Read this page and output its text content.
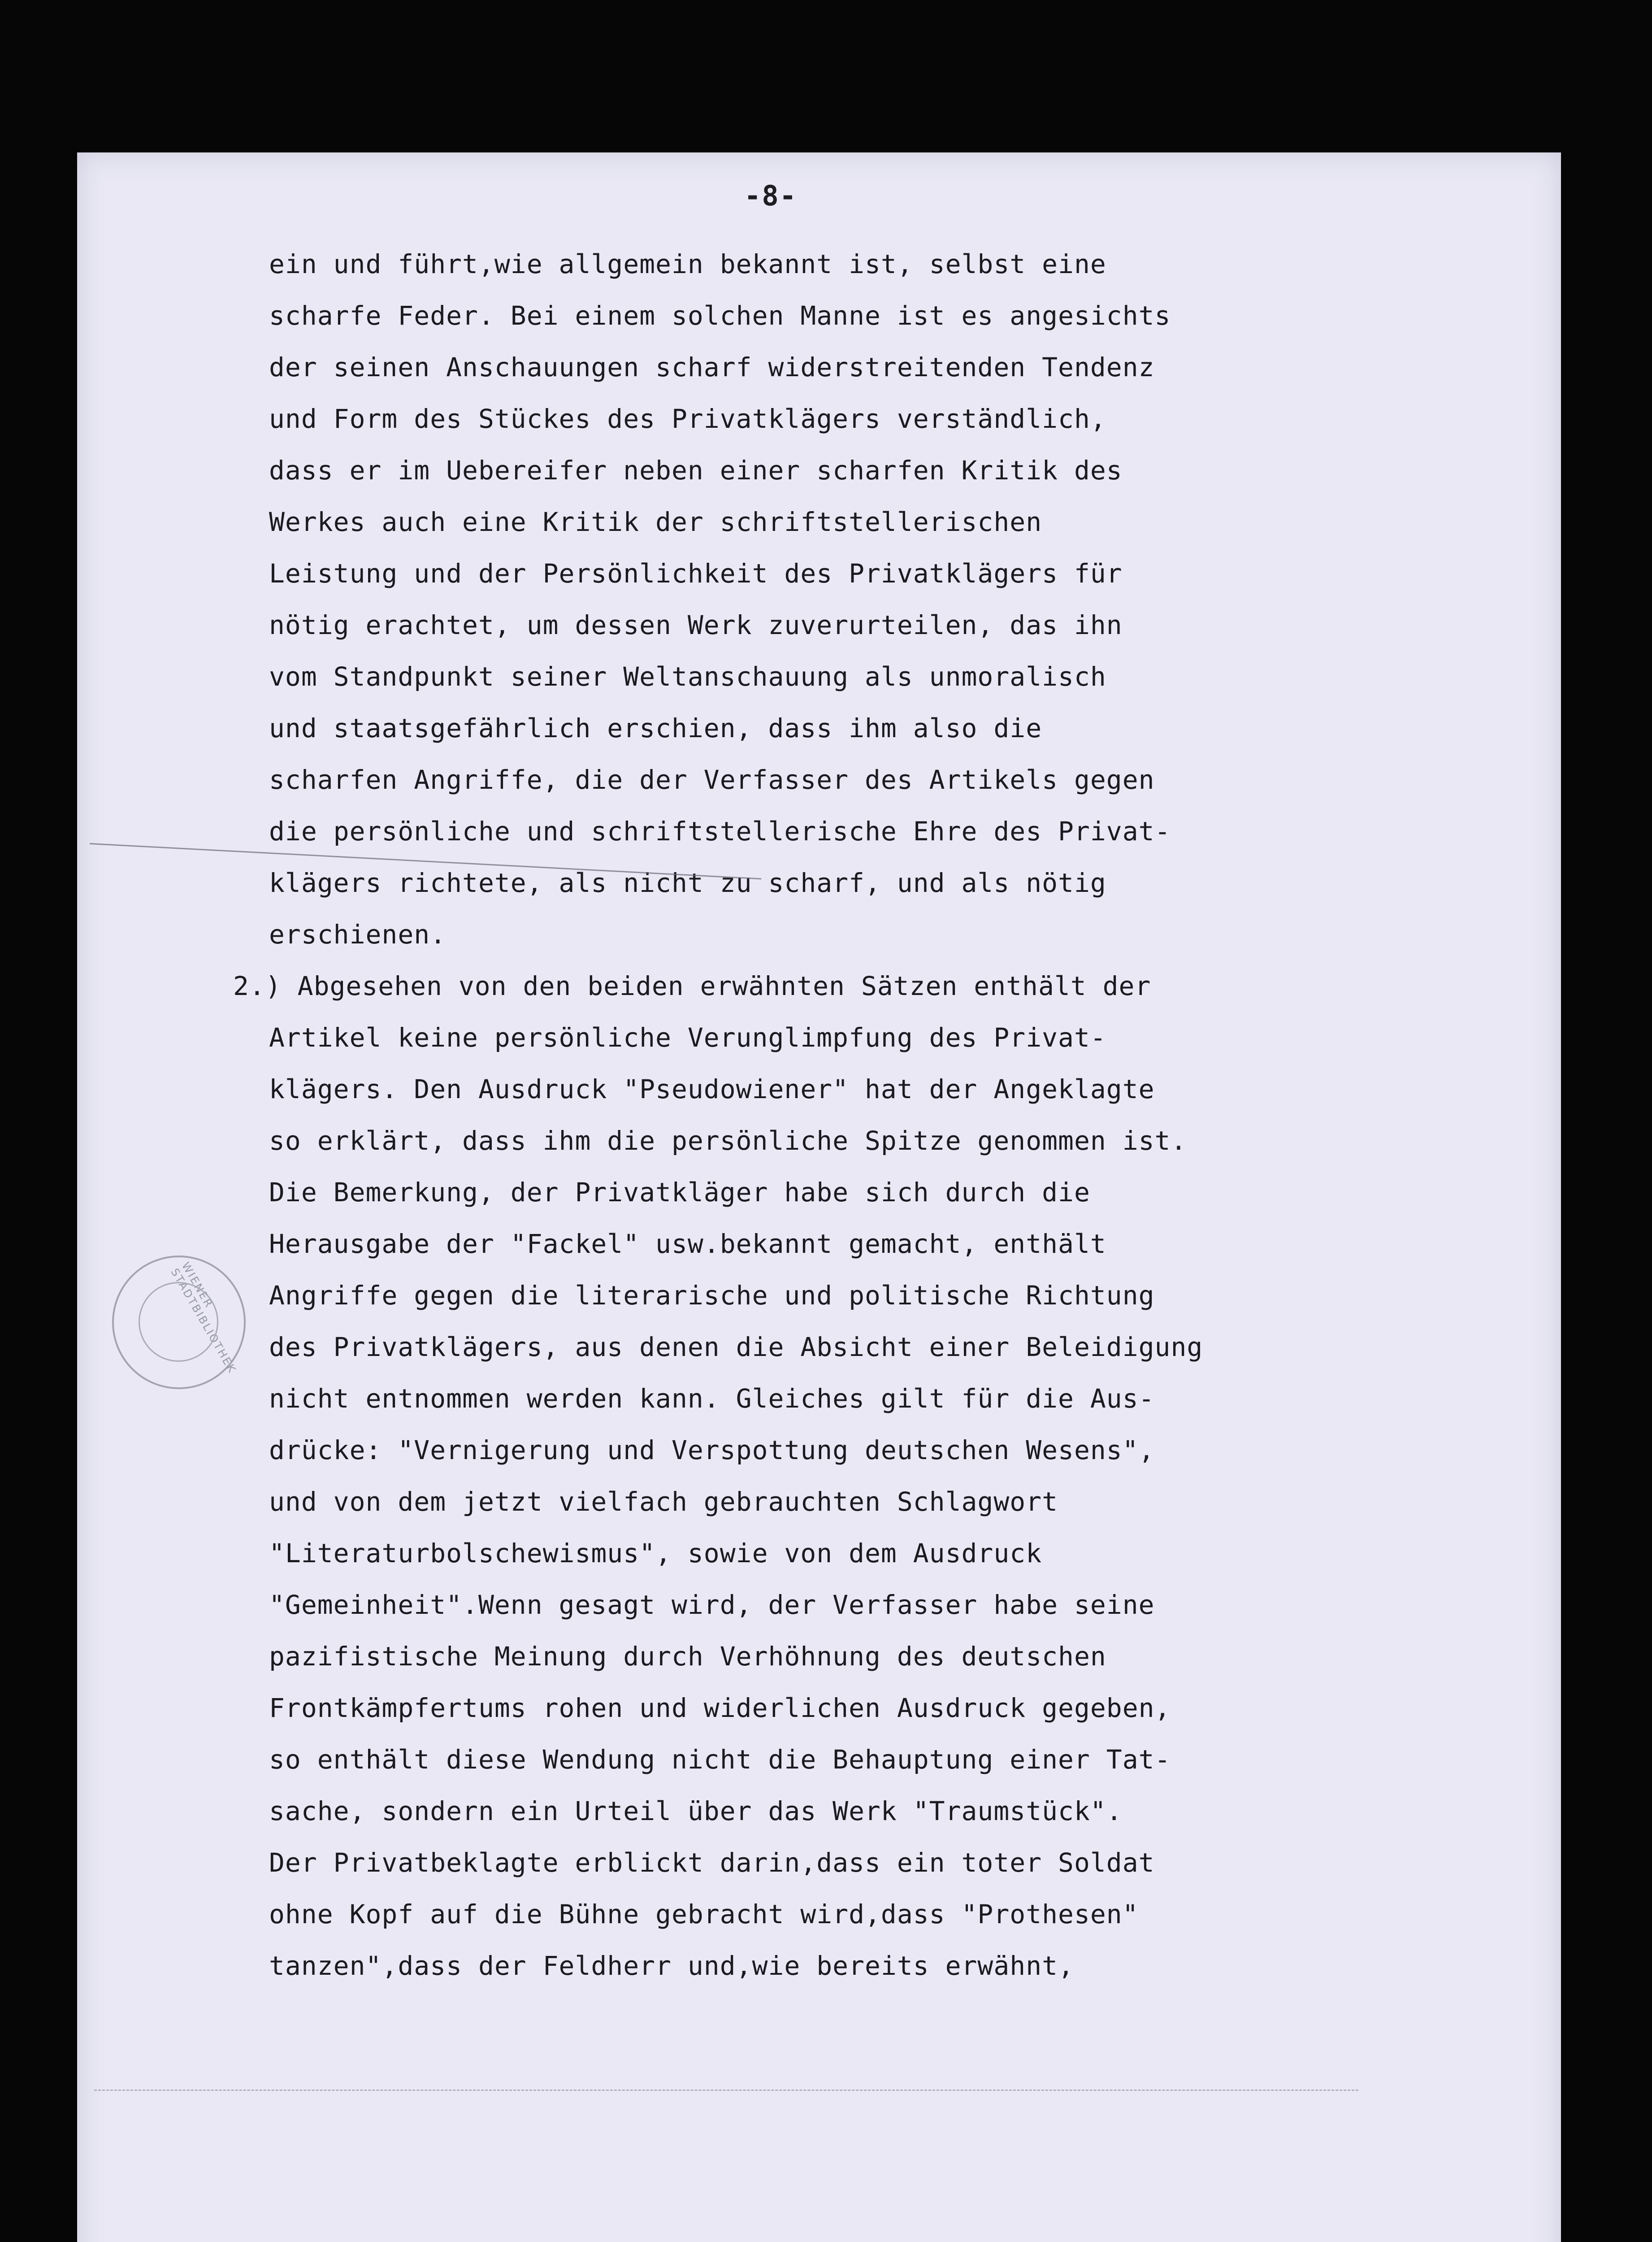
-8-
ein und führt,wie allgemein bekannt ist, selbst eine
scharfe Feder. Bei einem solchen Manne ist es angesichts
der seinen Anschauungen scharf widerstreitenden Tendenz
und Form des Stückes des Privatklägers verständlich,
dass er im Uebereifer neben einer scharfen Kritik des
Werkes auch eine Kritik der schriftstellerischen
Leistung und der Persönlichkeit des Privatklägers für
nötig erachtet, um dessen Werk zuverurteilen, das ihn
vom Standpunkt seiner Weltanschauung als unmoralisch
und staatsgefährlich erschien, dass ihm also die
scharfen Angriffe, die der Verfasser des Artikels gegen
die persönliche und schriftstellerische Ehre des Privat-
klägers richtete, als nicht zu scharf, und als nötig
erschienen.
2.) Abgesehen von den beiden erwähnten Sätzen enthält der
Artikel keine persönliche Verunglimpfung des Privat-
klägers. Den Ausdruck "Pseudowiener" hat der Angeklagte
so erklärt, dass ihm die persönliche Spitze genommen ist.
Die Bemerkung, der Privatkläger habe sich durch die
Herausgabe der "Fackel" usw.bekannt gemacht, enthält
Angriffe gegen die literarische und politische Richtung
des Privatklägers, aus denen die Absicht einer Beleidigung
nicht entnommen werden kann. Gleiches gilt für die Aus-
drücke: "Vernigerung und Verspottung deutschen Wesens",
und von dem jetzt vielfach gebrauchten Schlagwort
"Literaturbolschewismus", sowie von dem Ausdruck
"Gemeinheit".Wenn gesagt wird, der Verfasser habe seine
pazifistische Meinung durch Verhöhnung des deutschen
Frontkämpfertums rohen und widerlichen Ausdruck gegeben,
so enthält diese Wendung nicht die Behauptung einer Tat-
sache, sondern ein Urteil über das Werk "Traumstück".
Der Privatbeklagte erblickt darin,dass ein toter Soldat
ohne Kopf auf die Bühne gebracht wird,dass "Prothesen"
tanzen",dass der Feldherr und,wie bereits erwähnt,
WIENER STADTBIBLIOTHEK
